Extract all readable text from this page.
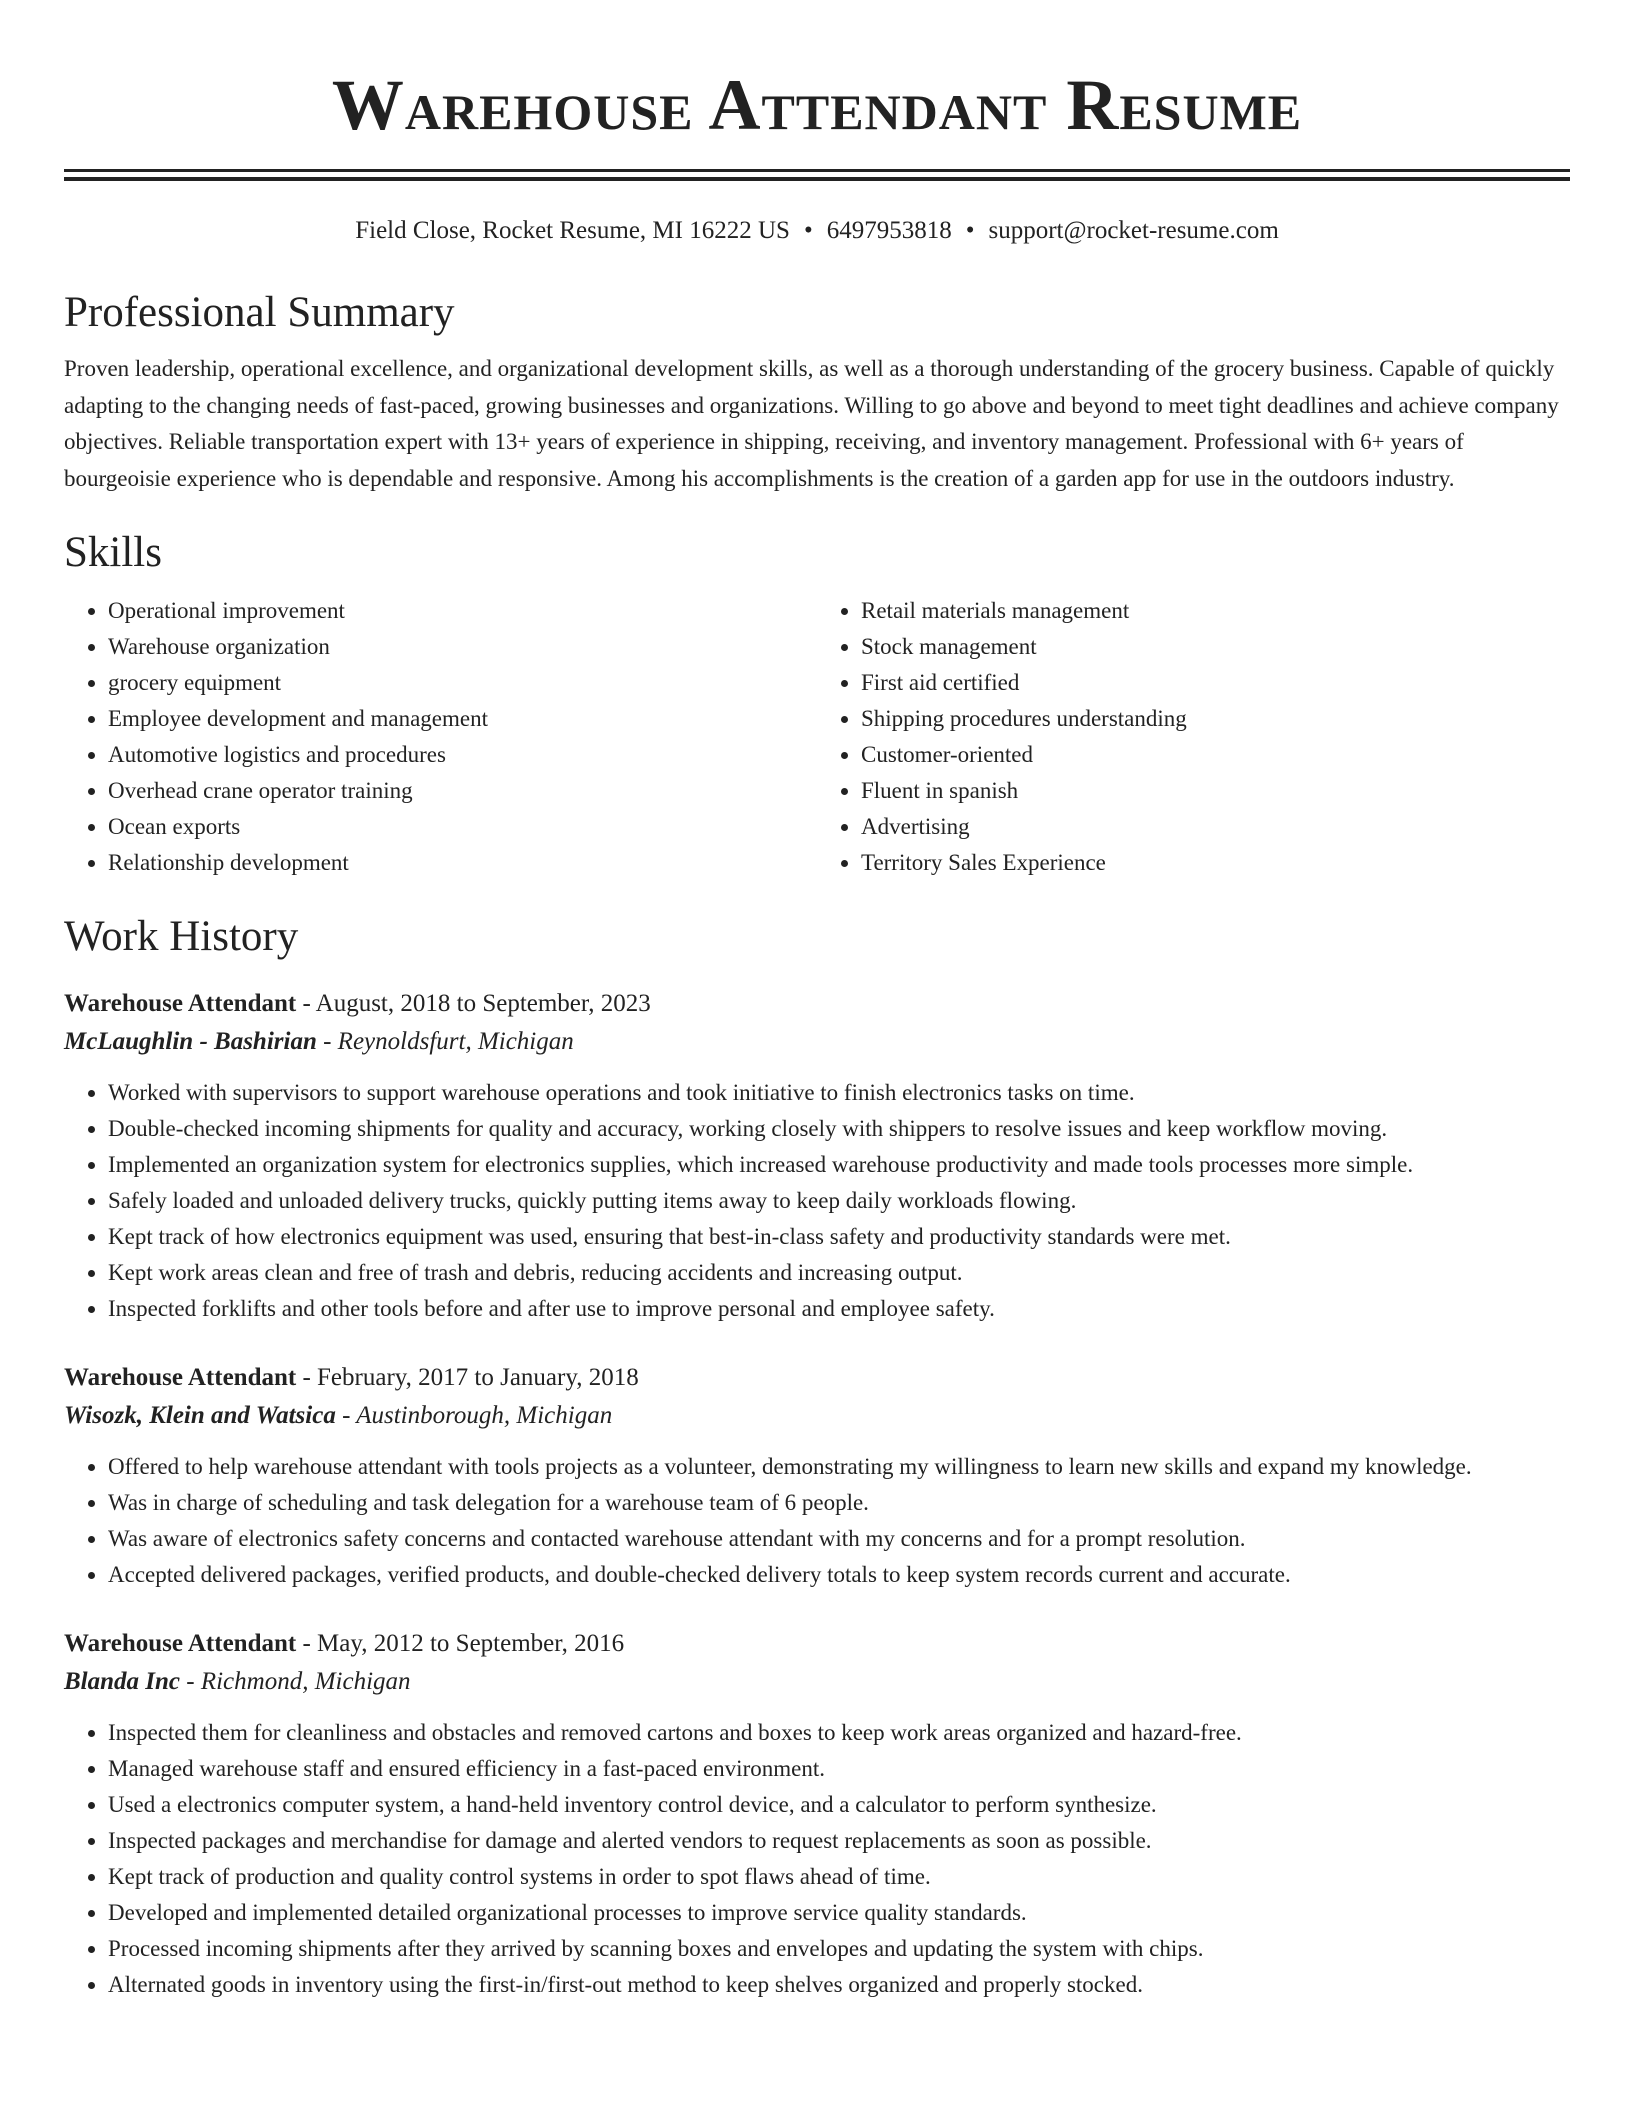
Warehouse Attendant Resume
Field Close, Rocket Resume, MI 16222 US • 6497953818 • support@rocket-resume.com
Professional Summary
Proven leadership, operational excellence, and organizational development skills, as well as a thorough understanding of the grocery business. Capable of quickly adapting to the changing needs of fast-paced, growing businesses and organizations. Willing to go above and beyond to meet tight deadlines and achieve company objectives. Reliable transportation expert with 13+ years of experience in shipping, receiving, and inventory management. Professional with 6+ years of bourgeoisie experience who is dependable and responsive. Among his accomplishments is the creation of a garden app for use in the outdoors industry.
Skills
• Operational improvement
• Warehouse organization
• grocery equipment
• Employee development and management
• Automotive logistics and procedures
• Overhead crane operator training
• Ocean exports
• Relationship development
• Retail materials management
• Stock management
• First aid certified
• Shipping procedures understanding
• Customer-oriented
• Fluent in spanish
• Advertising
• Territory Sales Experience
Work History
Warehouse Attendant - August, 2018 to September, 2023
McLaughlin - Bashirian - Reynoldsfurt, Michigan
• Worked with supervisors to support warehouse operations and took initiative to finish electronics tasks on time.
• Double-checked incoming shipments for quality and accuracy, working closely with shippers to resolve issues and keep workflow moving.
• Implemented an organization system for electronics supplies, which increased warehouse productivity and made tools processes more simple.
• Safely loaded and unloaded delivery trucks, quickly putting items away to keep daily workloads flowing.
• Kept track of how electronics equipment was used, ensuring that best-in-class safety and productivity standards were met.
• Kept work areas clean and free of trash and debris, reducing accidents and increasing output.
• Inspected forklifts and other tools before and after use to improve personal and employee safety.
Warehouse Attendant - February, 2017 to January, 2018
Wisozk, Klein and Watsica - Austinborough, Michigan
• Offered to help warehouse attendant with tools projects as a volunteer, demonstrating my willingness to learn new skills and expand my knowledge.
• Was in charge of scheduling and task delegation for a warehouse team of 6 people.
• Was aware of electronics safety concerns and contacted warehouse attendant with my concerns and for a prompt resolution.
• Accepted delivered packages, verified products, and double-checked delivery totals to keep system records current and accurate.
Warehouse Attendant - May, 2012 to September, 2016
Blanda Inc - Richmond, Michigan
• Inspected them for cleanliness and obstacles and removed cartons and boxes to keep work areas organized and hazard-free.
• Managed warehouse staff and ensured efficiency in a fast-paced environment.
• Used a electronics computer system, a hand-held inventory control device, and a calculator to perform synthesize.
• Inspected packages and merchandise for damage and alerted vendors to request replacements as soon as possible.
• Kept track of production and quality control systems in order to spot flaws ahead of time.
• Developed and implemented detailed organizational processes to improve service quality standards.
• Processed incoming shipments after they arrived by scanning boxes and envelopes and updating the system with chips.
• Alternated goods in inventory using the first-in/first-out method to keep shelves organized and properly stocked.
